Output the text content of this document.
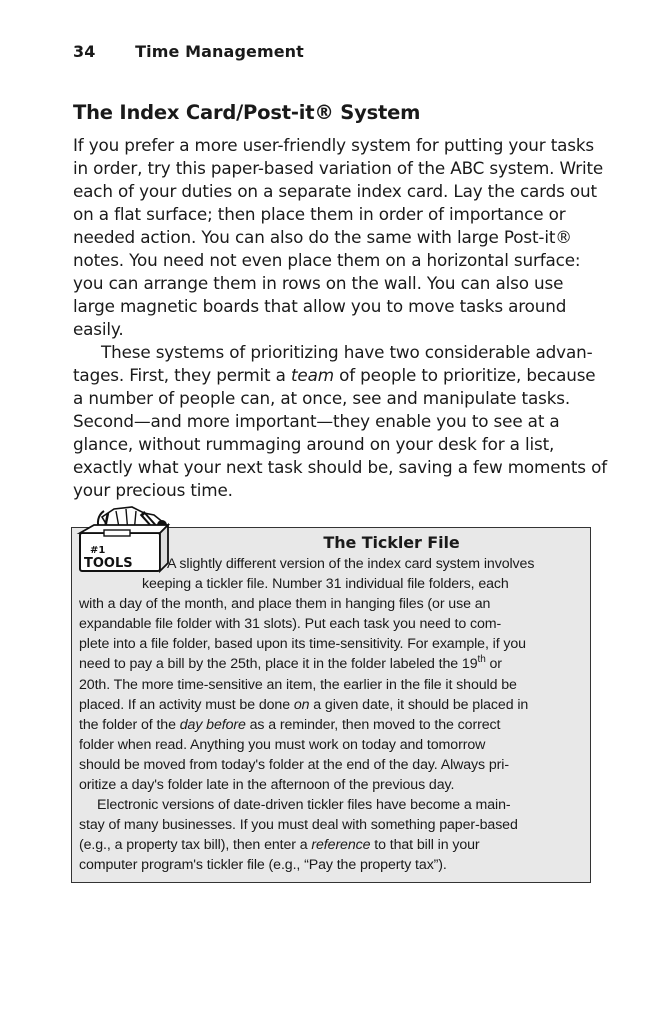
34 Time Management
The Index Card/Post-it® System
If you prefer a more user-friendly system for putting your tasks
in order, try this paper-based variation of the ABC system. Write
each of your duties on a separate index card. Lay the cards out
on a flat surface; then place them in order of importance or
needed action. You can also do the same with large Post-it®
notes. You need not even place them on a horizontal surface:
you can arrange them in rows on the wall. You can also use
large magnetic boards that allow you to move tasks around
easily.
These systems of prioritizing have two considerable advan-
tages. First, they permit a team of people to prioritize, because
a number of people can, at once, see and manipulate tasks.
Second—and more important—they enable you to see at a
glance, without rummaging around on your desk for a list,
exactly what your next task should be, saving a few moments of
your precious time.
#1
TOOLS
The Tickler File
A slightly different version of the index card system involves
keeping a tickler file. Number 31 individual file folders, each
with a day of the month, and place them in hanging files (or use an
expandable file folder with 31 slots). Put each task you need to com-
plete into a file folder, based upon its time-sensitivity. For example, if you
need to pay a bill by the 25th, place it in the folder labeled the 19th or
20th. The more time-sensitive an item, the earlier in the file it should be
placed. If an activity must be done on a given date, it should be placed in
the folder of the day before as a reminder, then moved to the correct
folder when read. Anything you must work on today and tomorrow
should be moved from today's folder at the end of the day. Always pri-
oritize a day's folder late in the afternoon of the previous day.
Electronic versions of date-driven tickler files have become a main-
stay of many businesses. If you must deal with something paper-based
(e.g., a property tax bill), then enter a reference to that bill in your
computer program's tickler file (e.g., “Pay the property tax”).
